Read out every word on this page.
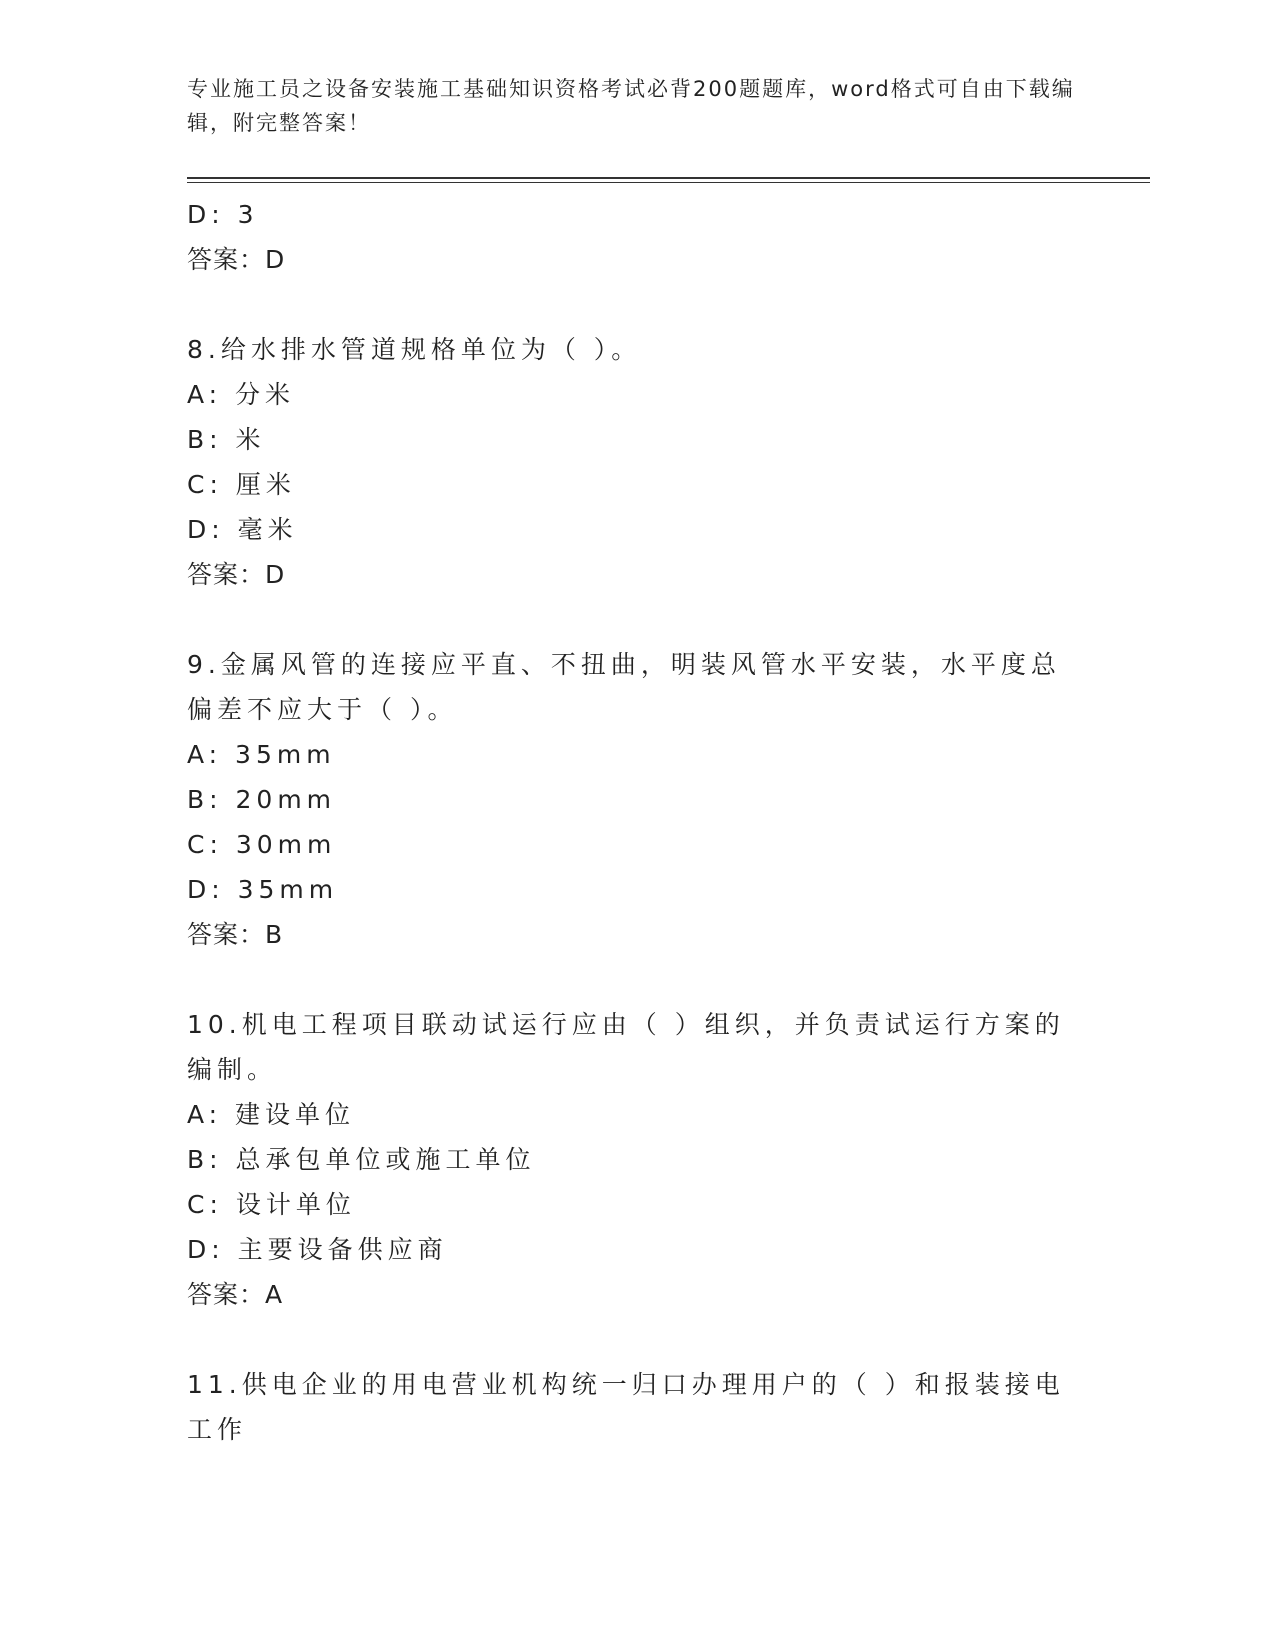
专业施工员之设备安装施工基础知识资格考试必背200题题库，word格式可自由下载编辑，附完整答案！
D: 3
答案：D
8.给水排水管道规格单位为（ ）。
A: 分米
B: 米
C: 厘米
D: 毫米
答案：D
9.金属风管的连接应平直、不扭曲，明装风管水平安装，水平度总偏差不应大于（ ）。
A: 35mm
B: 20mm
C: 30mm
D: 35mm
答案：B
10.机电工程项目联动试运行应由（ ）组织，并负责试运行方案的编制。
A: 建设单位
B: 总承包单位或施工单位
C: 设计单位
D: 主要设备供应商
答案：A
11.供电企业的用电营业机构统一归口办理用户的（ ）和报装接电工作
